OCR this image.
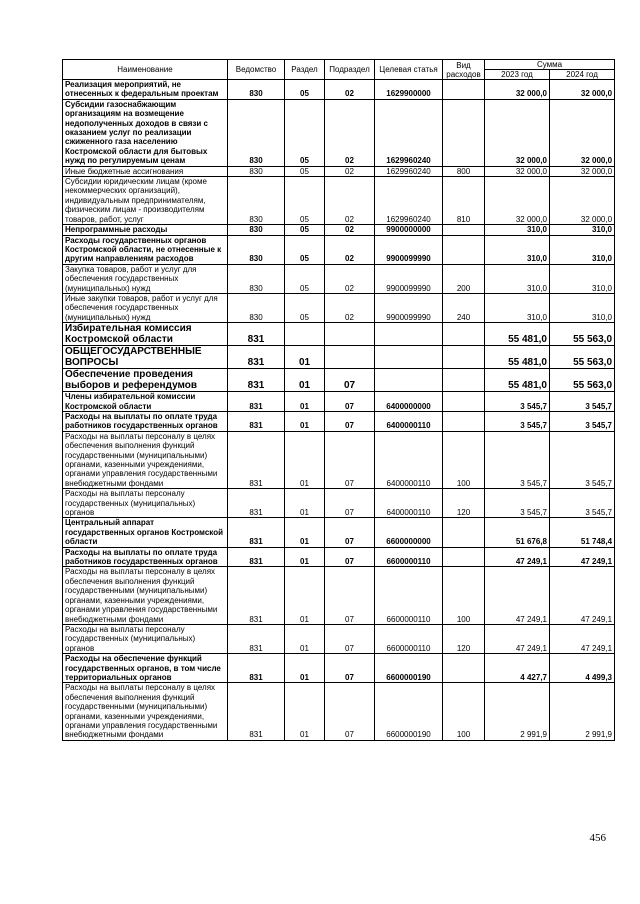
Наименование	Ведомство	Раздел	Подраздел	Целевая статья	Вид расходов	Сумма	
						2023 год	2024 год
Реализация мероприятий, не отнесенных к федеральным проектам	830	05	02	1629900000		32 000,0	32 000,0
Субсидии газоснабжающим организациям на возмещение недополученных доходов в связи с оказанием услуг по реализации сжиженного газа населению Костромской области для бытовых нужд по регулируемым ценам	830	05	02	1629960240		32 000,0	32 000,0
Иные бюджетные ассигнования	830	05	02	1629960240	800	32 000,0	32 000,0
Субсидии юридическим лицам (кроме некоммерческих организаций), индивидуальным предпринимателям, физическим лицам - производителям товаров, работ, услуг	830	05	02	1629960240	810	32 000,0	32 000,0
Непрограммные расходы	830	05	02	9900000000		310,0	310,0
Расходы государственных органов Костромской области, не отнесенные к другим направлениям расходов	830	05	02	9900099990		310,0	310,0
Закупка товаров, работ и услуг для обеспечения государственных (муниципальных) нужд	830	05	02	9900099990	200	310,0	310,0
Иные закупки товаров, работ и услуг для обеспечения государственных (муниципальных) нужд	830	05	02	9900099990	240	310,0	310,0
Избирательная комиссия Костромской области	831					55 481,0	55 563,0
ОБЩЕГОСУДАРСТВЕННЫЕ ВОПРОСЫ	831	01				55 481,0	55 563,0
Обеспечение проведения выборов и референдумов	831	01	07			55 481,0	55 563,0
Члены избирательной комиссии Костромской области	831	01	07	6400000000		3 545,7	3 545,7
Расходы на выплаты по оплате труда работников государственных органов	831	01	07	6400000110		3 545,7	3 545,7
Расходы на выплаты персоналу в целях обеспечения выполнения функций государственными (муниципальными) органами, казенными учреждениями, органами управления государственными внебюджетными фондами	831	01	07	6400000110	100	3 545,7	3 545,7
Расходы на выплаты персоналу государственных (муниципальных) органов	831	01	07	6400000110	120	3 545,7	3 545,7
Центральный аппарат государственных органов Костромской области	831	01	07	6600000000		51 676,8	51 748,4
Расходы на выплаты по оплате труда работников государственных органов	831	01	07	6600000110		47 249,1	47 249,1
Расходы на выплаты персоналу в целях обеспечения выполнения функций государственными (муниципальными) органами, казенными учреждениями, органами управления государственными внебюджетными фондами	831	01	07	6600000110	100	47 249,1	47 249,1
Расходы на выплаты персоналу государственных (муниципальных) органов	831	01	07	6600000110	120	47 249,1	47 249,1
Расходы на обеспечение функций государственных органов, в том числе территориальных органов	831	01	07	6600000190		4 427,7	4 499,3
Расходы на выплаты персоналу в целях обеспечения выполнения функций государственными (муниципальными) органами, казенными учреждениями, органами управления государственными внебюджетными фондами	831	01	07	6600000190	100	2 991,9	2 991,9
456
